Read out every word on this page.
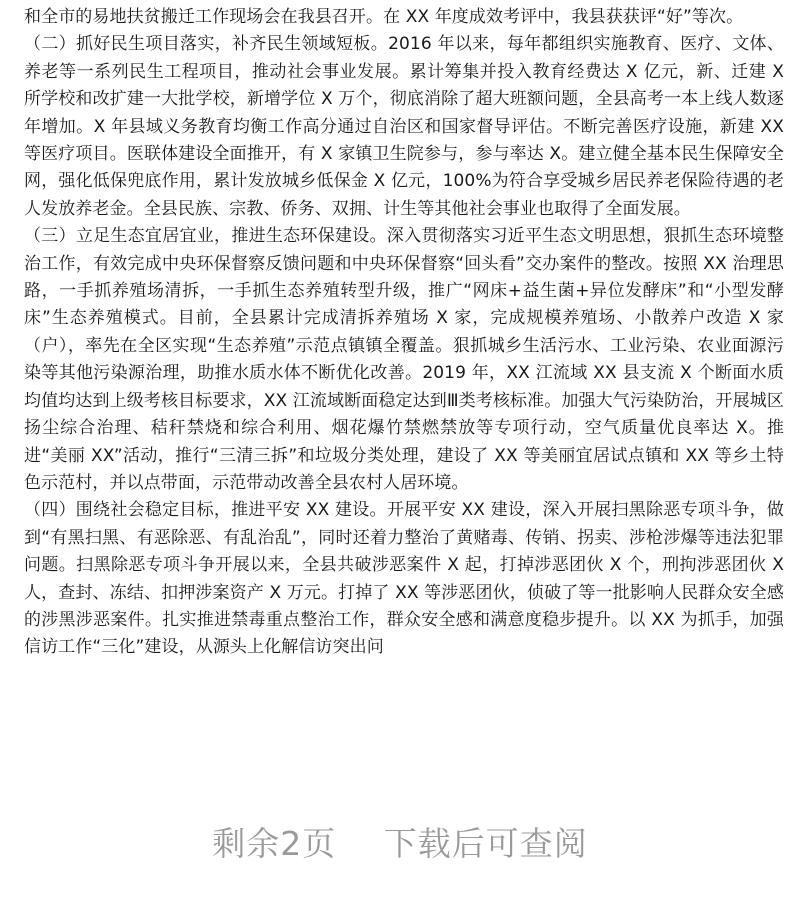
和全市的易地扶贫搬迁工作现场会在我县召开。在 XX 年度成效考评中，我县获获评“好”等次。

（二）抓好民生项目落实，补齐民生领域短板。2016 年以来，每年都组织实施教育、医疗、文体、养老等一系列民生工程项目，推动社会事业发展。累计筹集并投入教育经费达 X 亿元，新、迁建 X 所学校和改扩建一大批学校，新增学位 X 万个，彻底消除了超大班额问题，全县高考一本上线人数逐年增加。X 年县域义务教育均衡工作高分通过自治区和国家督导评估。不断完善医疗设施，新建 XX 等医疗项目。医联体建设全面推开，有 X 家镇卫生院参与，参与率达 X。建立健全基本民生保障安全网，强化低保兜底作用，累计发放城乡低保金 X 亿元，100%为符合享受城乡居民养老保险待遇的老人发放养老金。全县民族、宗教、侨务、双拥、计生等其他社会事业也取得了全面发展。

（三）立足生态宜居宜业，推进生态环保建设。深入贯彻落实习近平生态文明思想，狠抓生态环境整治工作，有效完成中央环保督察反馈问题和中央环保督察“回头看”交办案件的整改。按照 XX 治理思路，一手抓养殖场清拆，一手抓生态养殖转型升级，推广“网床+益生菌+异位发酵床”和“小型发酵床”生态养殖模式。目前，全县累计完成清拆养殖场 X 家，完成规模养殖场、小散养户改造 X 家（户），率先在全区实现“生态养殖”示范点镇镇全覆盖。狠抓城乡生活污水、工业污染、农业面源污染等其他污染源治理，助推水质水体不断优化改善。2019 年，XX 江流域 XX 县支流 X 个断面水质均值均达到上级考核目标要求，XX 江流域断面稳定达到Ⅲ类考核标准。加强大气污染防治，开展城区扬尘综合治理、秸秆禁烧和综合利用、烟花爆竹禁燃禁放等专项行动，空气质量优良率达 X。推进“美丽 XX”活动，推行“三清三拆”和垃圾分类处理，建设了 XX 等美丽宜居试点镇和 XX 等乡土特色示范村，并以点带面，示范带动改善全县农村人居环境。

（四）围绕社会稳定目标，推进平安 XX 建设。开展平安 XX 建设，深入开展扫黑除恶专项斗争，做到“有黑扫黑、有恶除恶、有乱治乱”，同时还着力整治了黄赌毒、传销、拐卖、涉枪涉爆等违法犯罪问题。扫黑除恶专项斗争开展以来，全县共破涉恶案件 X 起，打掉涉恶团伙 X 个，刑拘涉恶团伙 X 人，查封、冻结、扣押涉案资产 X 万元。打掉了 XX 等涉恶团伙，侦破了等一批影响人民群众安全感的涉黑涉恶案件。扎实推进禁毒重点整治工作，群众安全感和满意度稳步提升。以 XX 为抓手，加强信访工作“三化”建设，从源头上化解信访突出问

剩余2页 下载后可查阅
